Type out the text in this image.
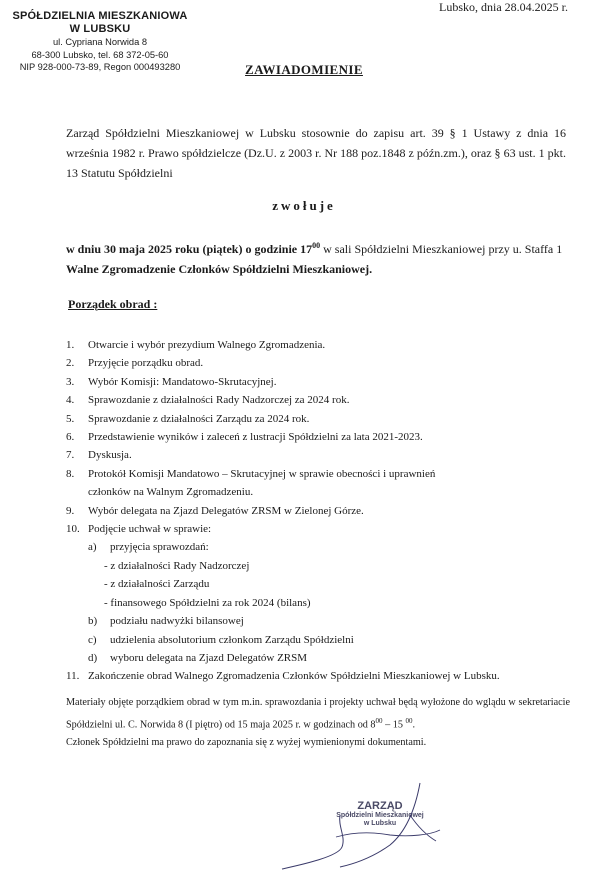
SPÓŁDZIELNIA MIESZKANIOWA
W LUBSKU
ul. Cypriana Norwida 8
68-300 Lubsko, tel. 68 372-05-60
NIP 928-000-73-89, Regon 000493280
Lubsko, dnia 28.04.2025 r.
ZAWIADOMIENIE
Zarząd Spółdzielni Mieszkaniowej w Lubsku stosownie do zapisu art. 39 § 1 Ustawy z dnia 16 września 1982 r. Prawo spółdzielcze (Dz.U. z 2003 r. Nr 188 poz.1848 z późn.zm.), oraz § 63 ust. 1 pkt. 13 Statutu Spółdzielni
zwołuje
w dniu 30 maja 2025 roku (piątek) o godzinie $17^{00}$ w sali Spółdzielni Mieszkaniowej przy u. Staffa 1 Walne Zgromadzenie Członków Spółdzielni Mieszkaniowej.
Porządek obrad :
1. Otwarcie i wybór prezydium Walnego Zgromadzenia.
2. Przyjęcie porządku obrad.
3. Wybór Komisji: Mandatowo-Skrutacyjnej.
4. Sprawozdanie z działalności Rady Nadzorczej za 2024 rok.
5. Sprawozdanie z działalności Zarządu za 2024 rok.
6. Przedstawienie wyników i zaleceń z lustracji Spółdzielni za lata 2021-2023.
7. Dyskusja.
8. Protokół Komisji Mandatowo – Skrutacyjnej w sprawie obecności i uprawnień
członków na Walnym Zgromadzeniu.
9. Wybór delegata na Zjazd Delegatów ZRSM w Zielonej Górze.
10. Podjęcie uchwał w sprawie:
a) przyjęcia sprawozdań:
- z działalności Rady Nadzorczej
- z działalności Zarządu
- finansowego Spółdzielni za rok 2024 (bilans)
b) podziału nadwyżki bilansowej
c) udzielenia absolutorium członkom Zarządu Spółdzielni
d) wyboru delegata na Zjazd Delegatów ZRSM
11. Zakończenie obrad Walnego Zgromadzenia Członków Spółdzielni Mieszkaniowej w Lubsku.
Materiały objęte porządkiem obrad w tym m.in. sprawozdania i projekty uchwał będą wyłożone do wglądu w sekretariacie Spółdzielni ul. C. Norwida 8 (I piętro) od 15 maja 2025 r. w godzinach od $8^{00} - 15$ $^{00}$.
Członek Spółdzielni ma prawo do zapoznania się z wyżej wymienionymi dokumentami.
ZARZĄD
Spółdzielni Mieszkaniowej
w Lubsku
